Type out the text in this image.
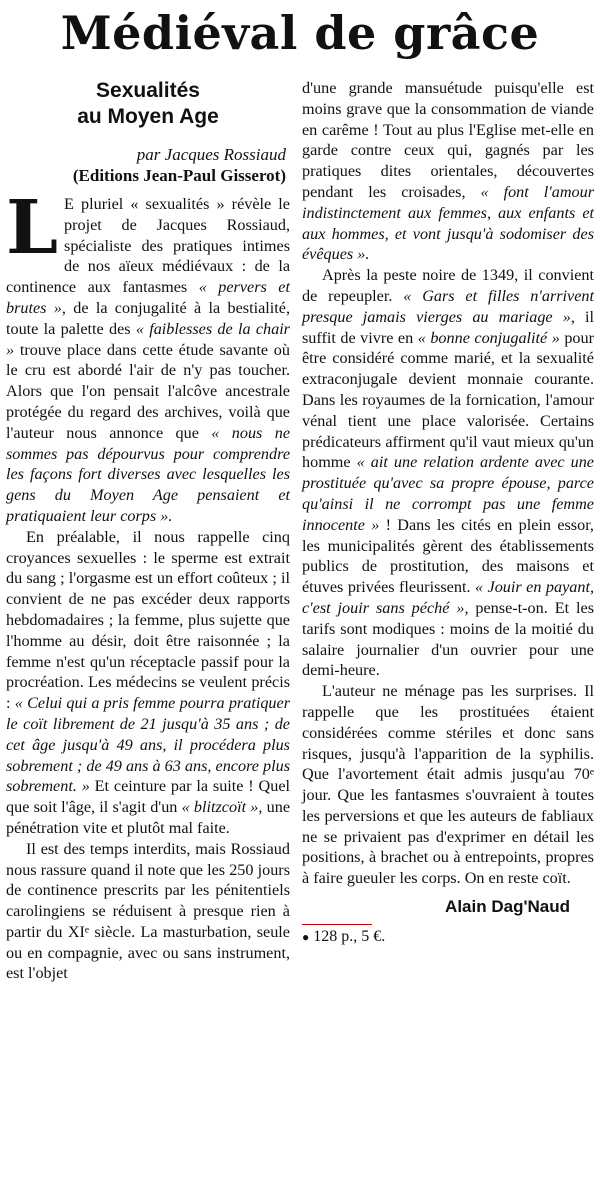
Médiéval de grâce
Sexualités
au Moyen Age
par Jacques Rossiaud
(Editions Jean-Paul Gisserot)

L E pluriel « sexualités » révèle le projet de Jacques Rossiaud, spécialiste des pratiques intimes de nos aïeux médiévaux : de la continence aux fantasmes « pervers et brutes », de la conjugalité à la bestialité, toute la palette des « faiblesses de la chair » trouve place dans cette étude savante où le cru est abordé l'air de n'y pas toucher. Alors que l'on pensait l'alcôve ancestrale protégée du regard des archives, voilà que l'auteur nous annonce que « nous ne sommes pas dépourvus pour comprendre les façons fort diverses avec lesquelles les gens du Moyen Age pensaient et pratiquaient leur corps ».

En préalable, il nous rappelle cinq croyances sexuelles : le sperme est extrait du sang ; l'orgasme est un effort coûteux ; il convient de ne pas excéder deux rapports hebdomadaires ; la femme, plus sujette que l'homme au désir, doit être raisonnée ; la femme n'est qu'un réceptacle passif pour la procréation. Les médecins se veulent précis : « Celui qui a pris femme pourra pratiquer le coït librement de 21 jusqu'à 35 ans ; de cet âge jusqu'à 49 ans, il procédera plus sobrement ; de 49 ans à 63 ans, encore plus sobrement. » Et ceinture par la suite ! Quel que soit l'âge, il s'agit d'un « blitzcoït », une pénétration vite et plutôt mal faite.

Il est des temps interdits, mais Rossiaud nous rassure quand il note que les 250 jours de continence prescrits par les pénitentiels carolingiens se réduisent à presque rien à partir du XIᵉ siècle. La masturbation, seule ou en compagnie, avec ou sans instrument, est l'objet

d'une grande mansuétude puisqu'elle est moins grave que la consommation de viande en carême ! Tout au plus l'Eglise met-elle en garde contre ceux qui, gagnés par les pratiques dites orientales, découvertes pendant les croisades, « font l'amour indistinctement aux femmes, aux enfants et aux hommes, et vont jusqu'à sodomiser des évêques ».

Après la peste noire de 1349, il convient de repeupler. « Gars et filles n'arrivent presque jamais vierges au mariage », il suffit de vivre en « bonne conjugalité » pour être considéré comme marié, et la sexualité extraconjugale devient monnaie courante. Dans les royaumes de la fornication, l'amour vénal tient une place valorisée. Certains prédicateurs affirment qu'il vaut mieux qu'un homme « ait une relation ardente avec une prostituée qu'avec sa propre épouse, parce qu'ainsi il ne corrompt pas une femme innocente » ! Dans les cités en plein essor, les municipalités gèrent des établissements publics de prostitution, des maisons et étuves privées fleurissent. « Jouir en payant, c'est jouir sans péché », pense-t-on. Et les tarifs sont modiques : moins de la moitié du salaire journalier d'un ouvrier pour une demi-heure.

L'auteur ne ménage pas les surprises. Il rappelle que les prostituées étaient considérées comme stériles et donc sans risques, jusqu'à l'apparition de la syphilis. Que l'avortement était admis jusqu'au 70ᵉ jour. Que les fantasmes s'ouvraient à toutes les perversions et que les auteurs de fabliaux ne se privaient pas d'exprimer en détail les positions, à brachet ou à entrepoints, propres à faire gueuler les corps. On en reste coït.

Alain Dag'Naud
● 128 p., 5 €.
